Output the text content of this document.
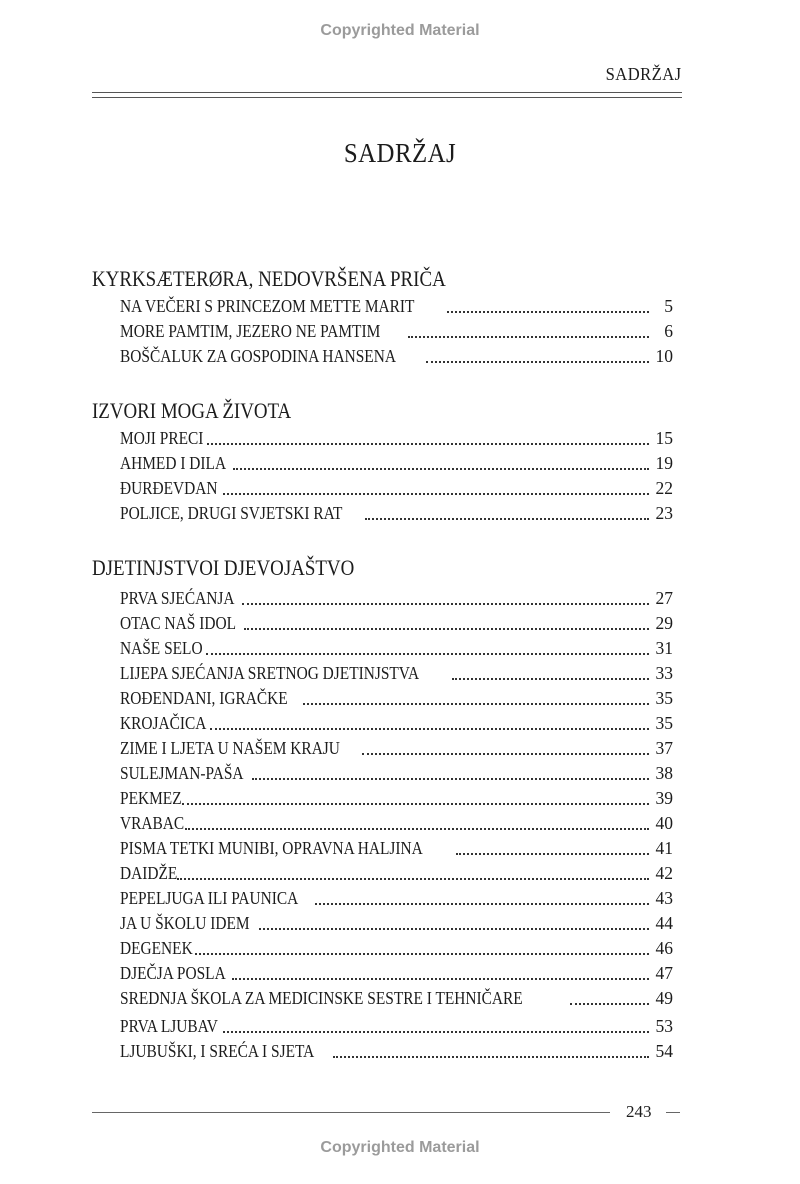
Copyrighted Material
SADRŽAJ
SADRŽAJ
KYRKSÆTERØRA, NEDOVRŠENA PRIČA
NA VEČERI S PRINCEZOM METTE MARIT	5
MORE PAMTIM, JEZERO NE PAMTIM	6
BOŠČALUK ZA GOSPODINA HANSENA	10
IZVORI MOGA ŽIVOTA
MOJI PRECI	15
AHMED I DILA	19
ĐURĐEVDAN	22
POLJICE, DRUGI SVJETSKI RAT	23
DJETINJSTVOI DJEVOJAŠTVO
PRVA SJEĆANJA	27
OTAC NAŠ IDOL	29
NAŠE SELO	31
LIJEPA SJEĆANJA SRETNOG DJETINJSTVA	33
ROĐENDANI, IGRAČKE	35
KROJAČICA	35
ZIME I LJETA U NAŠEM KRAJU	37
SULEJMAN-PAŠA	38
PEKMEZ	39
VRABAC	40
PISMA TETKI MUNIBI, OPRAVNA HALJINA	41
DAIDŽE	42
PEPELJUGA ILI PAUNICA	43
JA U ŠKOLU IDEM	44
DEGENEK	46
DJEČJA POSLA	47
SREDNJA ŠKOLA ZA MEDICINSKE SESTRE I TEHNIČARE	49
PRVA LJUBAV	53
LJUBUŠKI, I SREĆA I SJETA	54
243
Copyrighted Material
